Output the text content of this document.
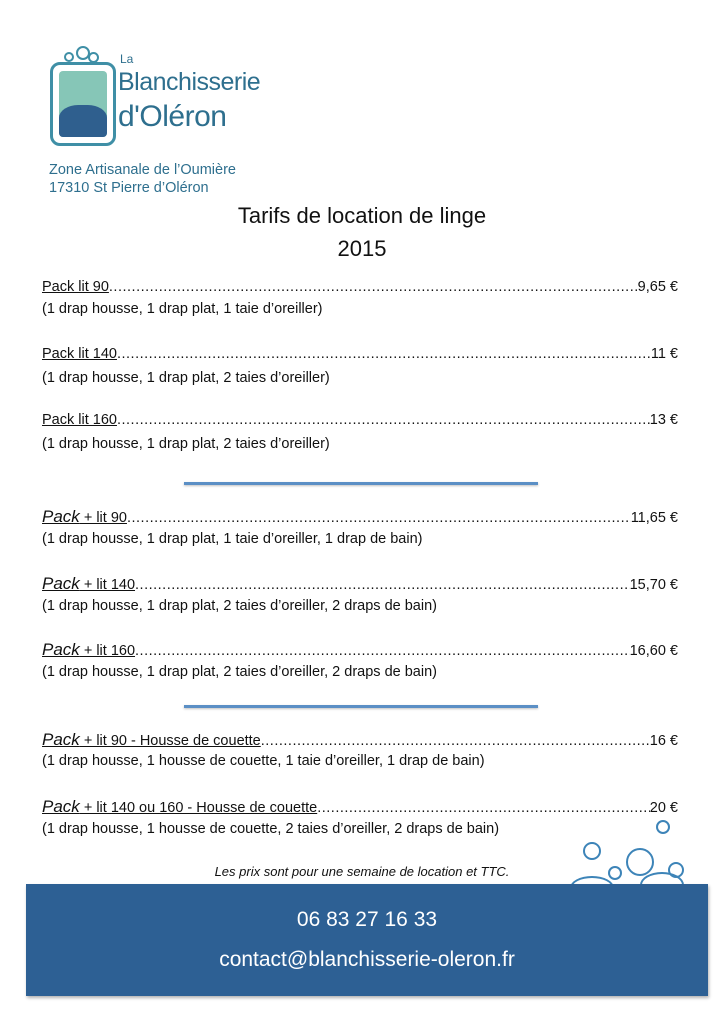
La
Blanchisserie
d'Oléron
Zone Artisanale de l’Oumière
17310 St Pierre d’Oléron
Tarifs de location de linge
2015
Pack lit 90 .....	9,65 €
(1 drap housse, 1 drap plat, 1 taie d’oreiller)
Pack lit 140 .....	11 €
(1 drap housse, 1 drap plat, 2 taies d’oreiller)
Pack lit 160 .....	13 €
(1 drap housse, 1 drap plat, 2 taies d’oreiller)
Pack + lit 90 .....	11,65 €
(1 drap housse, 1 drap plat, 1 taie d’oreiller, 1 drap de bain)
Pack + lit 140 .....	15,70 €
(1 drap housse, 1 drap plat, 2 taies d’oreiller, 2 draps de bain)
Pack + lit 160 .....	16,60 €
(1 drap housse, 1 drap plat, 2 taies d’oreiller, 2 draps de bain)
Pack + lit 90 - Housse de couette .....	16 €
(1 drap housse, 1 housse de couette, 1 taie d’oreiller, 1 drap de bain)
Pack + lit 140 ou 160 - Housse de couette .....	20 €
(1 drap housse, 1 housse de couette, 2 taies d’oreiller, 2 draps de bain)
Les prix sont pour une semaine de location et TTC.
06 83 27 16 33
contact@blanchisserie-oleron.fr
